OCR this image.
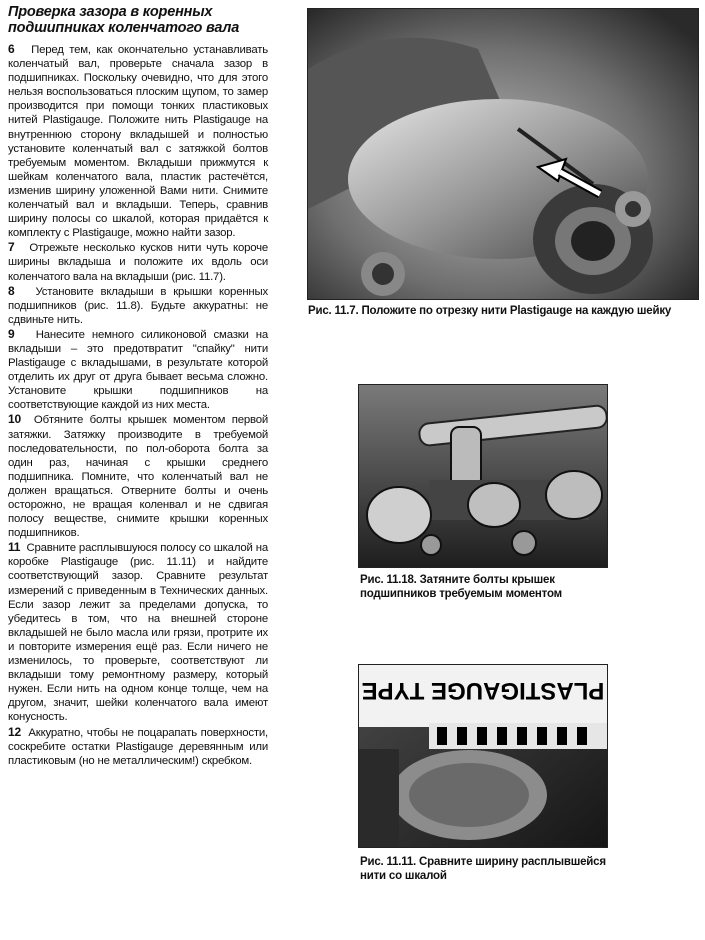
Проверка зазора в коренных
подшипниках коленчатого вала

6 Перед тем, как окончательно устанавливать коленчатый вал, проверьте сначала зазор в подшипниках. Поскольку очевидно, что для этого нельзя воспользоваться плоским щупом, то замер производится при помощи тонких пластиковых нитей Plastigauge. Положите нить Plastigauge на внутреннюю сторону вкладышей и полностью установите коленчатый вал с затяжкой болтов требуемым моментом. Вкладыши прижмутся к шейкам коленчатого вала, пластик растечётся, изменив ширину уложенной Вами нити. Снимите коленчатый вал и вкладыши. Теперь, сравнив ширину полосы со шкалой, которая придаётся к комплекту с Plastigauge, можно найти зазор.

7 Отрежьте несколько кусков нити чуть короче ширины вкладыша и положите их вдоль оси коленчатого вала на вкладыши (рис. 11.7).

8 Установите вкладыши в крышки коренных подшипников (рис. 11.8). Будьте аккуратны: не сдвиньте нить.

9 Нанесите немного силиконовой смазки на вкладыши – это предотвратит "спайку" нити Plastigauge с вкладышами, в результате которой отделить их друг от друга бывает весьма сложно. Установите крышки подшипников на соответствующие каждой из них места.

10 Обтяните болты крышек моментом первой затяжки. Затяжку производите в требуемой последовательности, по пол-оборота болта за один раз, начиная с крышки среднего подшипника. Помните, что коленчатый вал не должен вращаться. Отверните болты и очень осторожно, не вращая коленвал и не сдвигая полосу веществе, снимите крышки коренных подшипников.

11 Сравните расплывшуюся полосу со шкалой на коробке Plastigauge (рис. 11.11) и найдите соответствующий зазор. Сравните результат измерений с приведенным в Технических данных. Если зазор лежит за пределами допуска, то убедитесь в том, что на внешней стороне вкладышей не было масла или грязи, протрите их и повторите измерения ещё раз. Если ничего не изменилось, то проверьте, соответствуют ли вкладыши тому ремонтному размеру, который нужен. Если нить на одном конце толще, чем на другом, значит, шейки коленчатого вала имеют конусность.

12 Аккуратно, чтобы не поцарапать поверхности, соскребите остатки Plastigauge деревянным или пластиковым (но не металлическим!) скребком.

Рис. 11.7. Положите по отрезку нити Plastigauge на каждую шейку
Рис. 11.18. Затяните болты крышек подшипников требуемым моментом
PLASTIGAUGE TYPE
Рис. 11.11. Сравните ширину расплывшейся нити со шкалой
